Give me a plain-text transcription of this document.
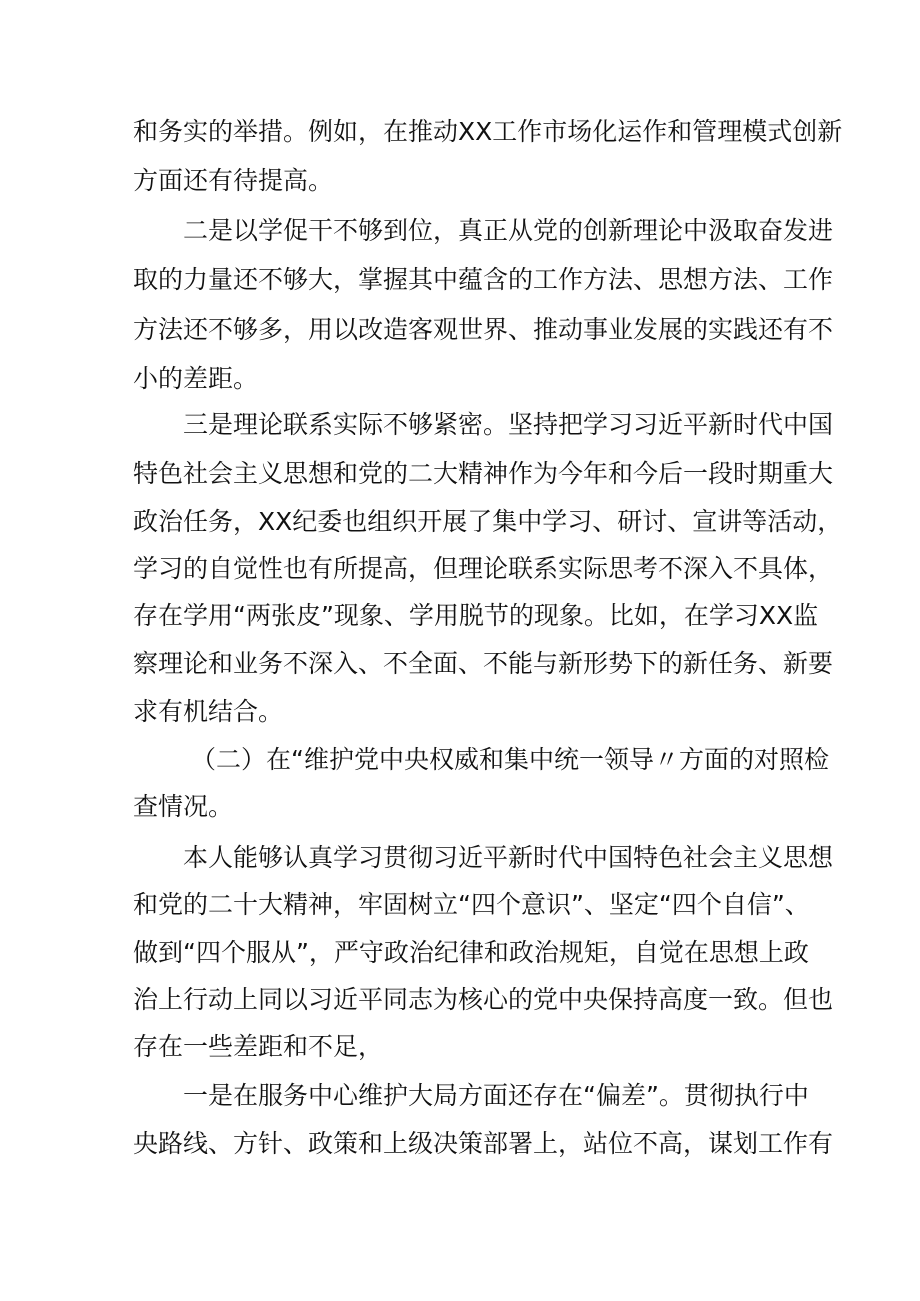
和务实的举措。例如，在推动XX工作市场化运作和管理模式创新

方面还有待提高。

二是以学促干不够到位，真正从党的创新理论中汲取奋发进

取的力量还不够大，掌握其中蕴含的工作方法、思想方法、工作

方法还不够多，用以改造客观世界、推动事业发展的实践还有不

小的差距。

三是理论联系实际不够紧密。坚持把学习习近平新时代中国

特色社会主义思想和党的二大精神作为今年和今后一段时期重大

政治任务，XX纪委也组织开展了集中学习、研讨、宣讲等活动，

学习的自觉性也有所提高，但理论联系实际思考不深入不具体，

存在学用“两张皮”现象、学用脱节的现象。比如，在学习XX监

察理论和业务不深入、不全面、不能与新形势下的新任务、新要

求有机结合。

（二）在“维护党中央权威和集中统一领导〃方面的对照检

查情况。

本人能够认真学习贯彻习近平新时代中国特色社会主义思想

和党的二十大精神，牢固树立“四个意识”、坚定“四个自信”、

做到“四个服从”，严守政治纪律和政治规矩，自觉在思想上政

治上行动上同以习近平同志为核心的党中央保持高度一致。但也

存在一些差距和不足，

一是在服务中心维护大局方面还存在“偏差”。贯彻执行中

央路线、方针、政策和上级决策部署上，站位不高，谋划工作有
